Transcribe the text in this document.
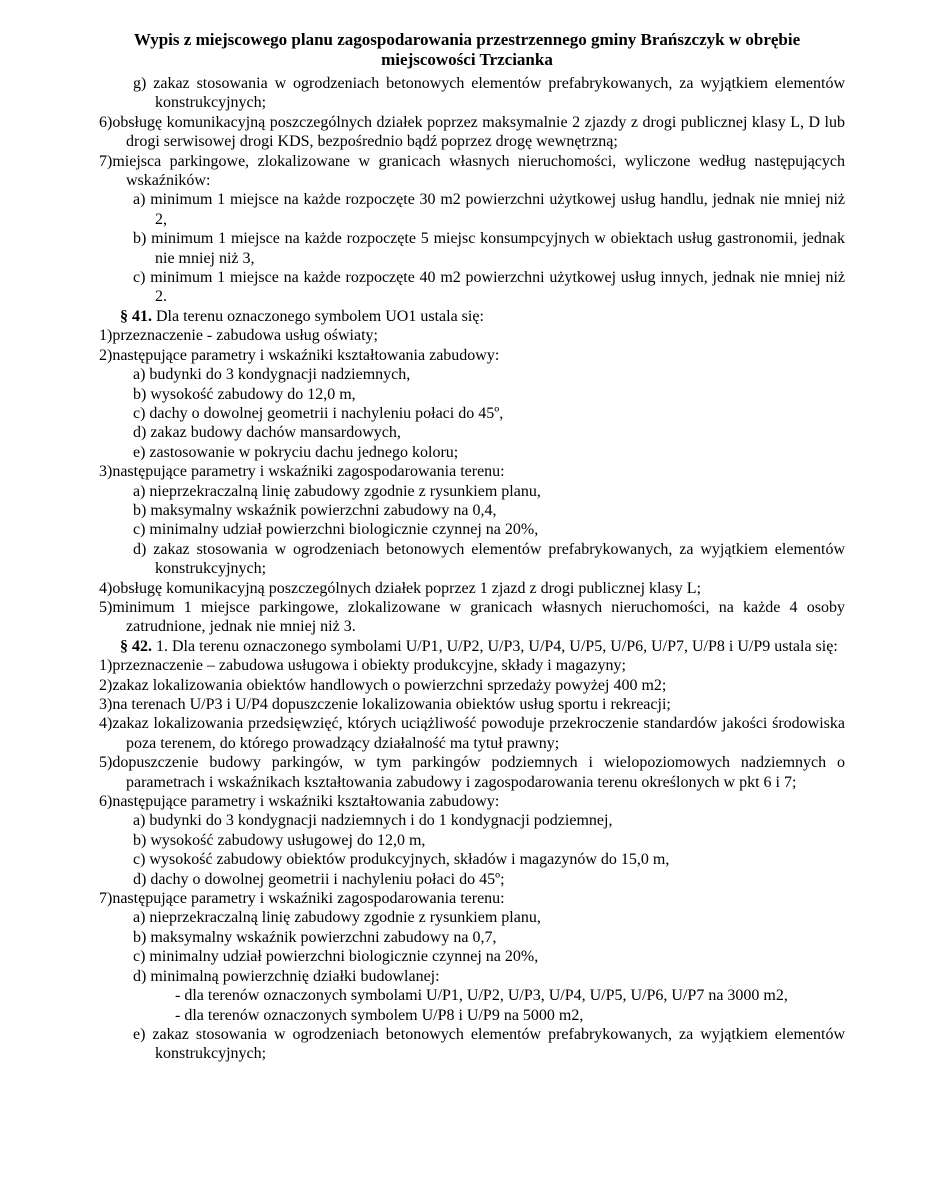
Wypis z miejscowego planu zagospodarowania przestrzennego gminy Brańszczyk w obrębie
miejscowości Trzcianka

g) zakaz stosowania w ogrodzeniach betonowych elementów prefabrykowanych, za wyjątkiem elementów konstrukcyjnych;

6)obsługę komunikacyjną poszczególnych działek poprzez maksymalnie 2 zjazdy z drogi publicznej klasy L, D lub drogi serwisowej drogi KDS, bezpośrednio bądź poprzez drogę wewnętrzną;

7)miejsca parkingowe, zlokalizowane w granicach własnych nieruchomości, wyliczone według następujących wskaźników:

a) minimum 1 miejsce na każde rozpoczęte 30 m2 powierzchni użytkowej usług handlu, jednak nie mniej niż 2,

b) minimum 1 miejsce na każde rozpoczęte 5 miejsc konsumpcyjnych w obiektach usług gastronomii, jednak nie mniej niż 3,

c) minimum 1 miejsce na każde rozpoczęte 40 m2 powierzchni użytkowej usług innych, jednak nie mniej niż 2.

§ 41. Dla terenu oznaczonego symbolem UO1 ustala się:

1)przeznaczenie - zabudowa usług oświaty;

2)następujące parametry i wskaźniki kształtowania zabudowy:

a) budynki do 3 kondygnacji nadziemnych,

b) wysokość zabudowy do 12,0 m,

c) dachy o dowolnej geometrii i nachyleniu połaci do 45º,

d) zakaz budowy dachów mansardowych,

e) zastosowanie w pokryciu dachu jednego koloru;

3)następujące parametry i wskaźniki zagospodarowania terenu:

a) nieprzekraczalną linię zabudowy zgodnie z rysunkiem planu,

b) maksymalny wskaźnik powierzchni zabudowy na 0,4,

c) minimalny udział powierzchni biologicznie czynnej na 20%,

d) zakaz stosowania w ogrodzeniach betonowych elementów prefabrykowanych, za wyjątkiem elementów konstrukcyjnych;

4)obsługę komunikacyjną poszczególnych działek poprzez 1 zjazd z drogi publicznej klasy L;

5)minimum 1 miejsce parkingowe, zlokalizowane w granicach własnych nieruchomości, na każde 4 osoby zatrudnione, jednak nie mniej niż 3.

§ 42. 1. Dla terenu oznaczonego symbolami U/P1, U/P2, U/P3, U/P4, U/P5, U/P6, U/P7, U/P8 i U/P9 ustala się:

1)przeznaczenie – zabudowa usługowa i obiekty produkcyjne, składy i magazyny;

2)zakaz lokalizowania obiektów handlowych o powierzchni sprzedaży powyżej 400 m2;

3)na terenach U/P3 i U/P4 dopuszczenie lokalizowania obiektów usług sportu i rekreacji;

4)zakaz lokalizowania przedsięwzięć, których uciążliwość powoduje przekroczenie standardów jakości środowiska poza terenem, do którego prowadzący działalność ma tytuł prawny;

5)dopuszczenie budowy parkingów, w tym parkingów podziemnych i wielopoziomowych nadziemnych o parametrach i wskaźnikach kształtowania zabudowy i zagospodarowania terenu określonych w pkt 6 i 7;

6)następujące parametry i wskaźniki kształtowania zabudowy:

a) budynki do 3 kondygnacji nadziemnych i do 1 kondygnacji podziemnej,

b) wysokość zabudowy usługowej do 12,0 m,

c) wysokość zabudowy obiektów produkcyjnych, składów i magazynów do 15,0 m,

d) dachy o dowolnej geometrii i nachyleniu połaci do 45º;

7)następujące parametry i wskaźniki zagospodarowania terenu:

a) nieprzekraczalną linię zabudowy zgodnie z rysunkiem planu,

b) maksymalny wskaźnik powierzchni zabudowy na 0,7,

c) minimalny udział powierzchni biologicznie czynnej na 20%,

d) minimalną powierzchnię działki budowlanej:

- dla terenów oznaczonych symbolami U/P1, U/P2, U/P3, U/P4, U/P5, U/P6, U/P7 na 3000 m2,

- dla terenów oznaczonych symbolem U/P8 i U/P9 na 5000 m2,

e) zakaz stosowania w ogrodzeniach betonowych elementów prefabrykowanych, za wyjątkiem elementów konstrukcyjnych;
